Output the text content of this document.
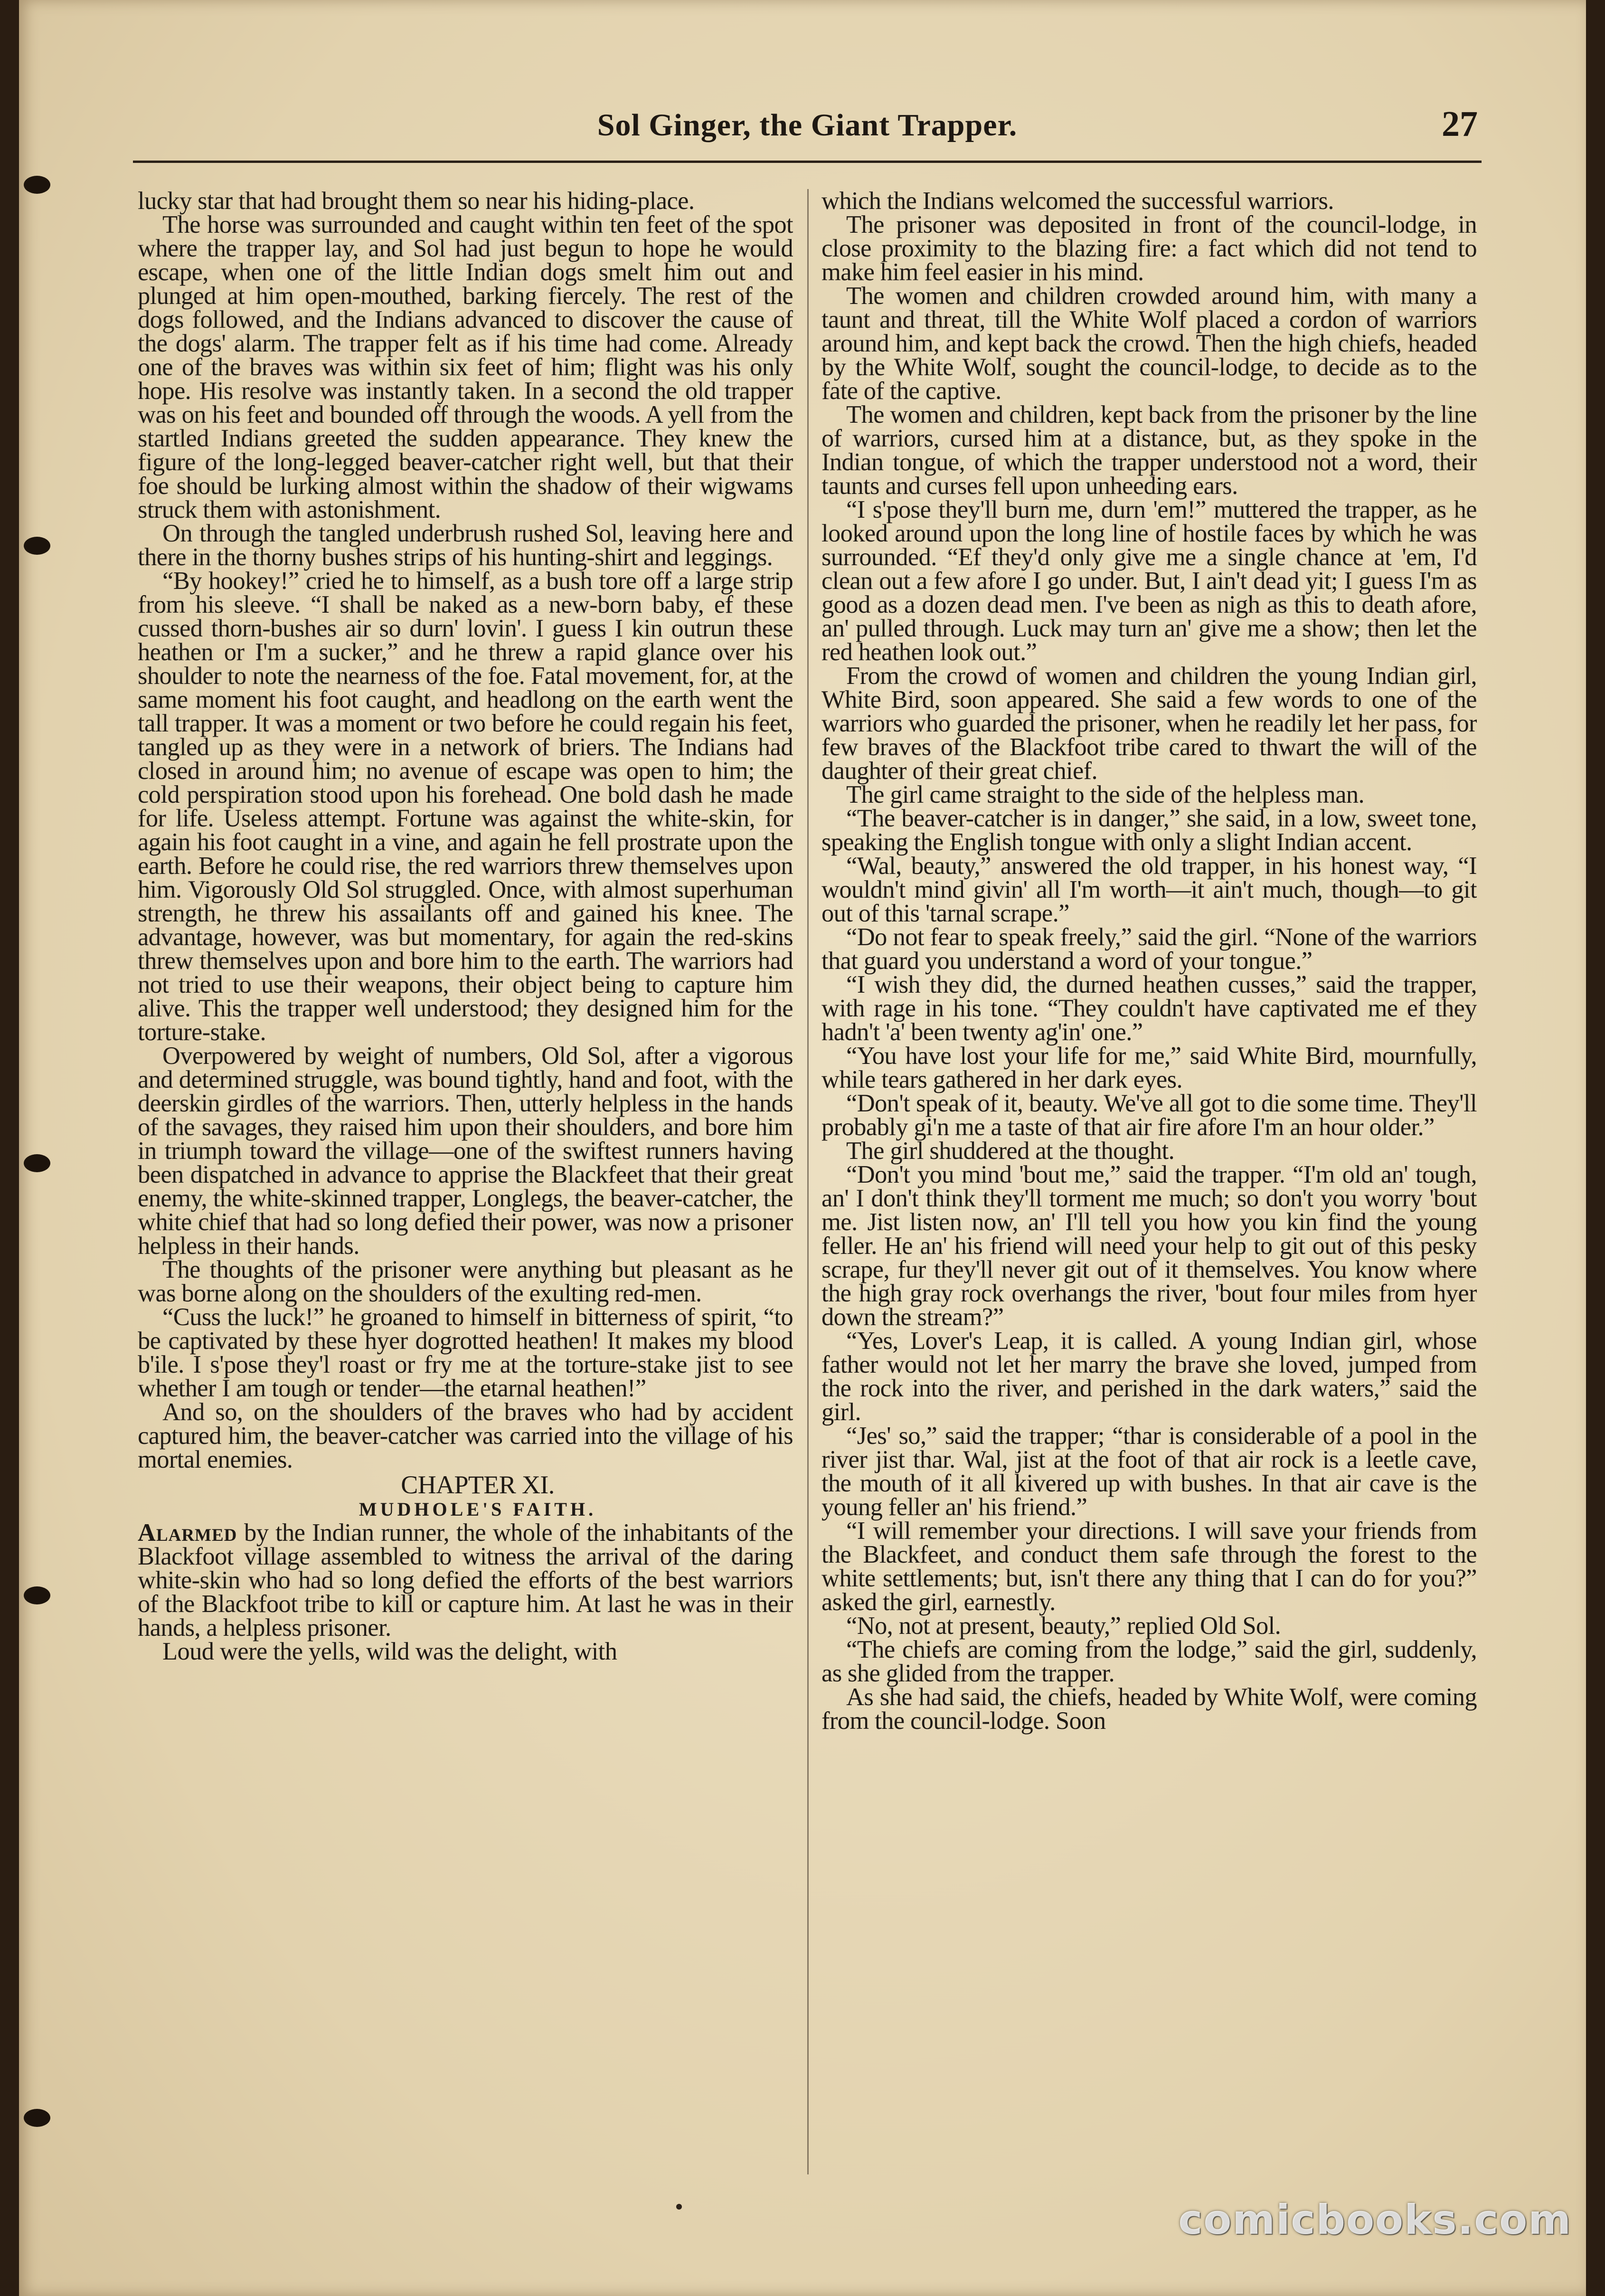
Sol Ginger, the Giant Trapper.	27

lucky star that had brought them so near his hiding-place.

The horse was surrounded and caught within ten feet of the spot where the trapper lay, and Sol had just begun to hope he would escape, when one of the little Indian dogs smelt him out and plunged at him open-mouthed, barking fiercely. The rest of the dogs followed, and the Indians advanced to discover the cause of the dogs' alarm. The trapper felt as if his time had come. Already one of the braves was within six feet of him; flight was his only hope. His resolve was instantly taken. In a second the old trapper was on his feet and bounded off through the woods. A yell from the startled Indians greeted the sudden appearance. They knew the figure of the long-legged beaver-catcher right well, but that their foe should be lurking almost within the shadow of their wigwams struck them with astonishment.

On through the tangled underbrush rushed Sol, leaving here and there in the thorny bushes strips of his hunting-shirt and leggings.

“By hookey!” cried he to himself, as a bush tore off a large strip from his sleeve. “I shall be naked as a new-born baby, ef these cussed thorn-bushes air so durn' lovin'. I guess I kin outrun these heathen or I'm a sucker,” and he threw a rapid glance over his shoulder to note the nearness of the foe. Fatal movement, for, at the same moment his foot caught, and headlong on the earth went the tall trapper. It was a moment or two before he could regain his feet, tangled up as they were in a network of briers. The Indians had closed in around him; no avenue of escape was open to him; the cold perspiration stood upon his forehead. One bold dash he made for life. Useless attempt. Fortune was against the white-skin, for again his foot caught in a vine, and again he fell prostrate upon the earth. Before he could rise, the red warriors threw themselves upon him. Vigorously Old Sol struggled. Once, with almost superhuman strength, he threw his assailants off and gained his knee. The advantage, however, was but momentary, for again the red-skins threw themselves upon and bore him to the earth. The warriors had not tried to use their weapons, their object being to capture him alive. This the trapper well understood; they designed him for the torture-stake.

Overpowered by weight of numbers, Old Sol, after a vigorous and determined struggle, was bound tightly, hand and foot, with the deerskin girdles of the warriors. Then, utterly helpless in the hands of the savages, they raised him upon their shoulders, and bore him in triumph toward the village—one of the swiftest runners having been dispatched in advance to apprise the Blackfeet that their great enemy, the white-skinned trapper, Longlegs, the beaver-catcher, the white chief that had so long defied their power, was now a prisoner helpless in their hands.

The thoughts of the prisoner were anything but pleasant as he was borne along on the shoulders of the exulting red-men.

“Cuss the luck!” he groaned to himself in bitterness of spirit, “to be captivated by these hyer dogrotted heathen! It makes my blood b'ile. I s'pose they'l roast or fry me at the torture-stake jist to see whether I am tough or tender—the etarnal heathen!”

And so, on the shoulders of the braves who had by accident captured him, the beaver-catcher was carried into the village of his mortal enemies.

CHAPTER XI.

MUDHOLE'S FAITH.

Alarmed by the Indian runner, the whole of the inhabitants of the Blackfoot village assembled to witness the arrival of the daring white-skin who had so long defied the efforts of the best warriors of the Blackfoot tribe to kill or capture him. At last he was in their hands, a helpless prisoner.

Loud were the yells, wild was the delight, with

which the Indians welcomed the successful warriors.

The prisoner was deposited in front of the council-lodge, in close proximity to the blazing fire: a fact which did not tend to make him feel easier in his mind.

The women and children crowded around him, with many a taunt and threat, till the White Wolf placed a cordon of warriors around him, and kept back the crowd. Then the high chiefs, headed by the White Wolf, sought the council-lodge, to decide as to the fate of the captive.

The women and children, kept back from the prisoner by the line of warriors, cursed him at a distance, but, as they spoke in the Indian tongue, of which the trapper understood not a word, their taunts and curses fell upon unheeding ears.

“I s'pose they'll burn me, durn 'em!” muttered the trapper, as he looked around upon the long line of hostile faces by which he was surrounded. “Ef they'd only give me a single chance at 'em, I'd clean out a few afore I go under. But, I ain't dead yit; I guess I'm as good as a dozen dead men. I've been as nigh as this to death afore, an' pulled through. Luck may turn an' give me a show; then let the red heathen look out.”

From the crowd of women and children the young Indian girl, White Bird, soon appeared. She said a few words to one of the warriors who guarded the prisoner, when he readily let her pass, for few braves of the Blackfoot tribe cared to thwart the will of the daughter of their great chief.

The girl came straight to the side of the helpless man.

“The beaver-catcher is in danger,” she said, in a low, sweet tone, speaking the English tongue with only a slight Indian accent.

“Wal, beauty,” answered the old trapper, in his honest way, “I wouldn't mind givin' all I'm worth—it ain't much, though—to git out of this 'tarnal scrape.”

“Do not fear to speak freely,” said the girl. “None of the warriors that guard you understand a word of your tongue.”

“I wish they did, the durned heathen cusses,” said the trapper, with rage in his tone. “They couldn't have captivated me ef they hadn't 'a' been twenty ag'in' one.”

“You have lost your life for me,” said White Bird, mournfully, while tears gathered in her dark eyes.

“Don't speak of it, beauty. We've all got to die some time. They'll probably gi'n me a taste of that air fire afore I'm an hour older.”

The girl shuddered at the thought.

“Don't you mind 'bout me,” said the trapper. “I'm old an' tough, an' I don't think they'll torment me much; so don't you worry 'bout me. Jist listen now, an' I'll tell you how you kin find the young feller. He an' his friend will need your help to git out of this pesky scrape, fur they'll never git out of it themselves. You know where the high gray rock overhangs the river, 'bout four miles from hyer down the stream?”

“Yes, Lover's Leap, it is called. A young Indian girl, whose father would not let her marry the brave she loved, jumped from the rock into the river, and perished in the dark waters,” said the girl.

“Jes' so,” said the trapper; “thar is considerable of a pool in the river jist thar. Wal, jist at the foot of that air rock is a leetle cave, the mouth of it all kivered up with bushes. In that air cave is the young feller an' his friend.”

“I will remember your directions. I will save your friends from the Blackfeet, and conduct them safe through the forest to the white settlements; but, isn't there any thing that I can do for you?” asked the girl, earnestly.

“No, not at present, beauty,” replied Old Sol.

“The chiefs are coming from the lodge,” said the girl, suddenly, as she glided from the trapper.

As she had said, the chiefs, headed by White Wolf, were coming from the council-lodge. Soon

comicbooks.com
